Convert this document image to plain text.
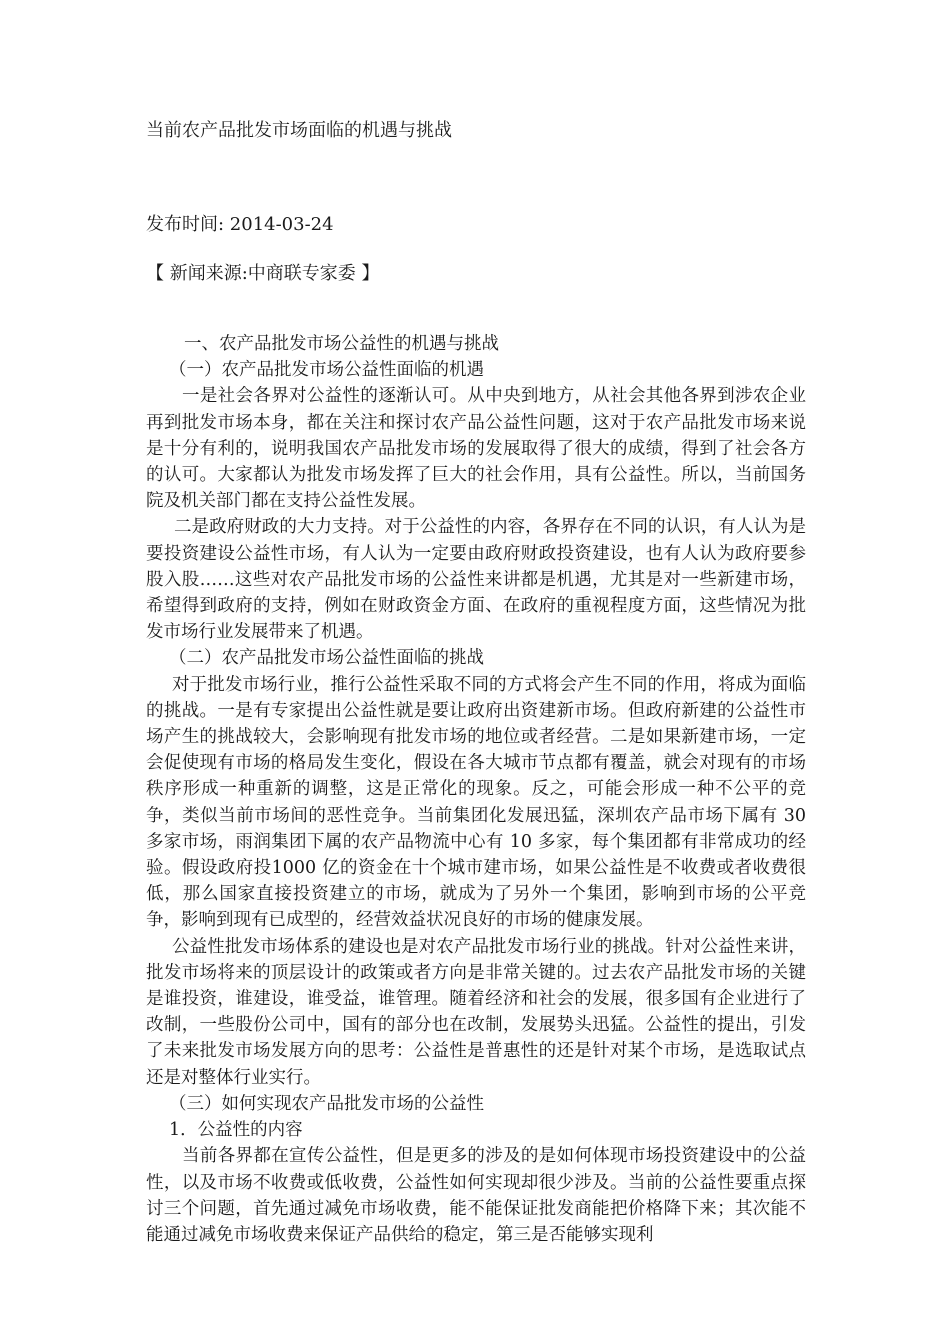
当前农产品批发市场面临的机遇与挑战
发布时间: 2014-03-24
【 新闻来源:中商联专家委 】

一、农产品批发市场公益性的机遇与挑战

（一）农产品批发市场公益性面临的机遇

一是社会各界对公益性的逐渐认可。从中央到地方，从社会其他各界到涉农企业再到批发市场本身，都在关注和探讨农产品公益性问题，这对于农产品批发市场来说是十分有利的，说明我国农产品批发市场的发展取得了很大的成绩，得到了社会各方的认可。大家都认为批发市场发挥了巨大的社会作用，具有公益性。所以，当前国务院及机关部门都在支持公益性发展。

二是政府财政的大力支持。对于公益性的内容，各界存在不同的认识，有人认为是要投资建设公益性市场，有人认为一定要由政府财政投资建设，也有人认为政府要参股入股……这些对农产品批发市场的公益性来讲都是机遇，尤其是对一些新建市场，希望得到政府的支持，例如在财政资金方面、在政府的重视程度方面，这些情况为批发市场行业发展带来了机遇。

（二）农产品批发市场公益性面临的挑战

对于批发市场行业，推行公益性采取不同的方式将会产生不同的作用，将成为面临的挑战。一是有专家提出公益性就是要让政府出资建新市场。但政府新建的公益性市场产生的挑战较大，会影响现有批发市场的地位或者经营。二是如果新建市场，一定会促使现有市场的格局发生变化，假设在各大城市节点都有覆盖，就会对现有的市场秩序形成一种重新的调整，这是正常化的现象。反之，可能会形成一种不公平的竞争，类似当前市场间的恶性竞争。当前集团化发展迅猛，深圳农产品市场下属有 30 多家市场，雨润集团下属的农产品物流中心有 10 多家，每个集团都有非常成功的经验。假设政府投1000 亿的资金在十个城市建市场，如果公益性是不收费或者收费很低，那么国家直接投资建立的市场，就成为了另外一个集团，影响到市场的公平竞争，影响到现有已成型的，经营效益状况良好的市场的健康发展。

公益性批发市场体系的建设也是对农产品批发市场行业的挑战。针对公益性来讲，批发市场将来的顶层设计的政策或者方向是非常关键的。过去农产品批发市场的关键是谁投资，谁建设，谁受益，谁管理。随着经济和社会的发展，很多国有企业进行了改制，一些股份公司中，国有的部分也在改制，发展势头迅猛。公益性的提出，引发了未来批发市场发展方向的思考：公益性是普惠性的还是针对某个市场，是选取试点还是对整体行业实行。

（三）如何实现农产品批发市场的公益性

1．公益性的内容

当前各界都在宣传公益性，但是更多的涉及的是如何体现市场投资建设中的公益性，以及市场不收费或低收费，公益性如何实现却很少涉及。当前的公益性要重点探讨三个问题，首先通过减免市场收费，能不能保证批发商能把价格降下来；其次能不能通过减免市场收费来保证产品供给的稳定，第三是否能够实现利
